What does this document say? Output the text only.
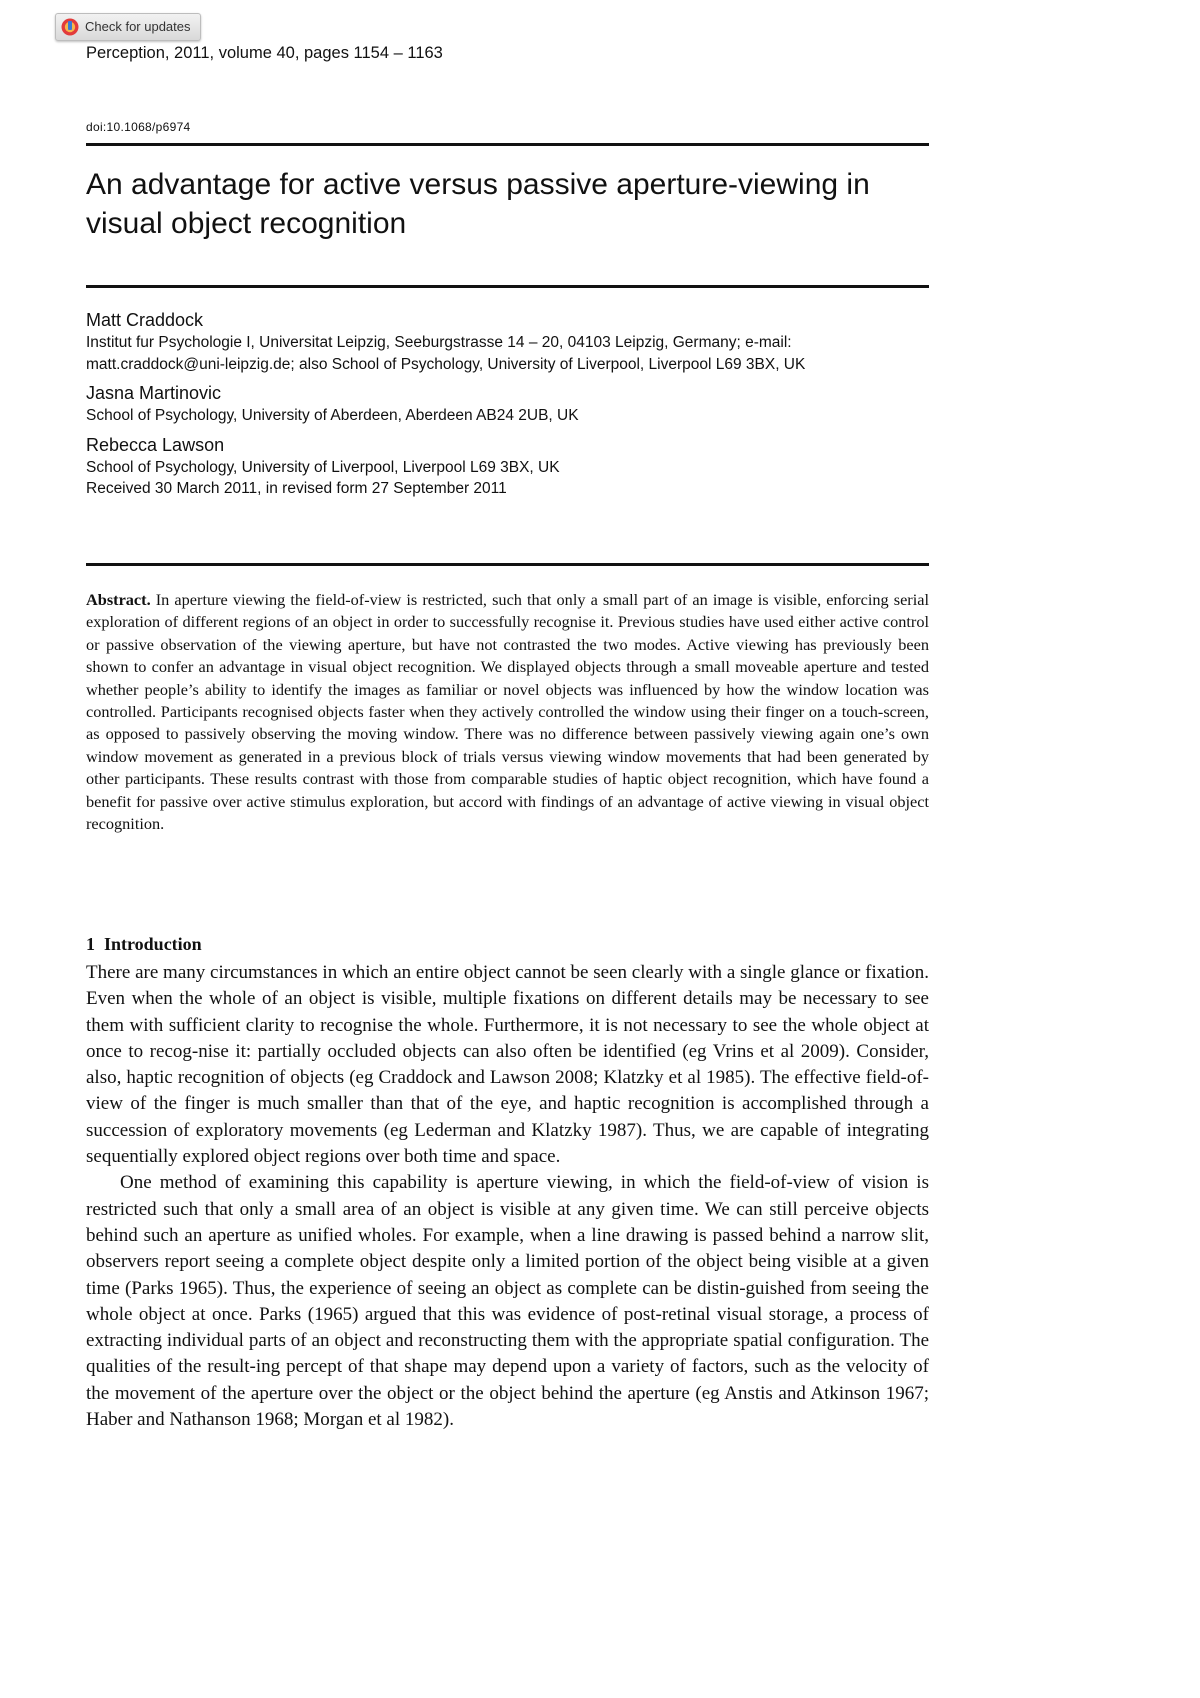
Check for updates
Perception, 2011, volume 40, pages 1154 – 1163
doi:10.1068/p6974
An advantage for active versus passive aperture-viewing in visual object recognition

Matt Craddock

Institut fur Psychologie I, Universitat Leipzig, Seeburgstrasse 14 – 20, 04103 Leipzig, Germany; e-mail: matt.craddock@uni-leipzig.de; also School of Psychology, University of Liverpool, Liverpool L69 3BX, UK

Jasna Martinovic

School of Psychology, University of Aberdeen, Aberdeen AB24 2UB, UK

Rebecca Lawson

School of Psychology, University of Liverpool, Liverpool L69 3BX, UK

Received 30 March 2011, in revised form 27 September 2011

Abstract. In aperture viewing the field-of-view is restricted, such that only a small part of an image is visible, enforcing serial exploration of different regions of an object in order to successfully recognise it. Previous studies have used either active control or passive observation of the viewing aperture, but have not contrasted the two modes. Active viewing has previously been shown to confer an advantage in visual object recognition. We displayed objects through a small moveable aperture and tested whether people’s ability to identify the images as familiar or novel objects was influenced by how the window location was controlled. Participants recognised objects faster when they actively controlled the window using their finger on a touch-screen, as opposed to passively observing the moving window. There was no difference between passively viewing again one’s own window movement as generated in a previous block of trials versus viewing window movements that had been generated by other participants. These results contrast with those from comparable studies of haptic object recognition, which have found a benefit for passive over active stimulus exploration, but accord with findings of an advantage of active viewing in visual object recognition.

1 Introduction

There are many circumstances in which an entire object cannot be seen clearly with a single glance or fixation. Even when the whole of an object is visible, multiple fixations on different details may be necessary to see them with sufficient clarity to recognise the whole. Furthermore, it is not necessary to see the whole object at once to recog-nise it: partially occluded objects can also often be identified (eg Vrins et al 2009). Consider, also, haptic recognition of objects (eg Craddock and Lawson 2008; Klatzky et al 1985). The effective field-of-view of the finger is much smaller than that of the eye, and haptic recognition is accomplished through a succession of exploratory movements (eg Lederman and Klatzky 1987). Thus, we are capable of integrating sequentially explored object regions over both time and space.

One method of examining this capability is aperture viewing, in which the field-of-view of vision is restricted such that only a small area of an object is visible at any given time. We can still perceive objects behind such an aperture as unified wholes. For example, when a line drawing is passed behind a narrow slit, observers report seeing a complete object despite only a limited portion of the object being visible at a given time (Parks 1965). Thus, the experience of seeing an object as complete can be distin-guished from seeing the whole object at once. Parks (1965) argued that this was evidence of post-retinal visual storage, a process of extracting individual parts of an object and reconstructing them with the appropriate spatial configuration. The qualities of the result-ing percept of that shape may depend upon a variety of factors, such as the velocity of the movement of the aperture over the object or the object behind the aperture (eg Anstis and Atkinson 1967; Haber and Nathanson 1968; Morgan et al 1982).
